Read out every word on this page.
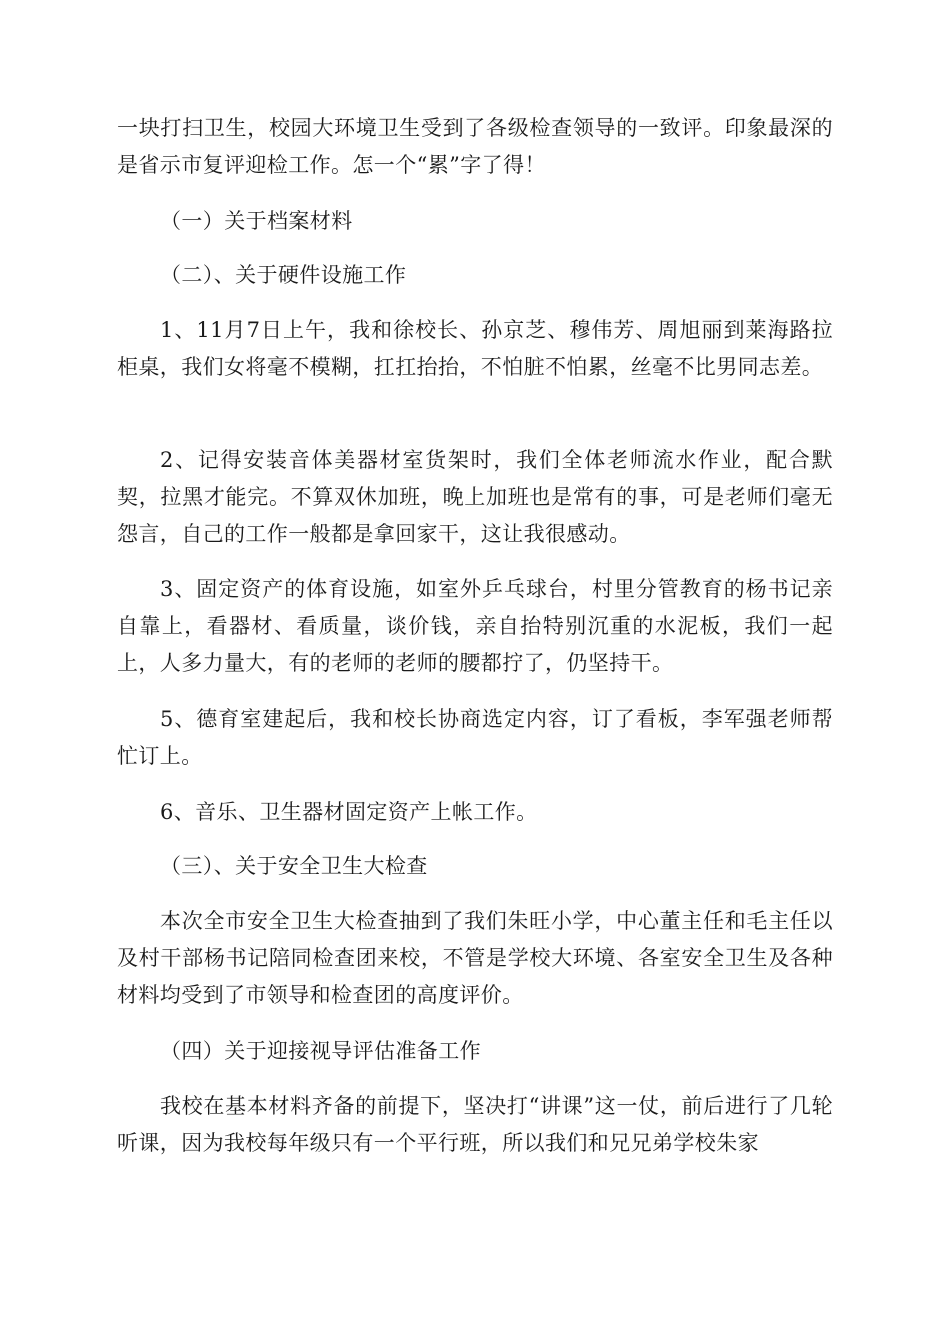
一块打扫卫生，校园大环境卫生受到了各级检查领导的一致评。印象最深的是省示市复评迎检工作。怎一个“累”字了得！

（一）关于档案材料

（二）、关于硬件设施工作

1、11月7日上午，我和徐校长、孙京芝、穆伟芳、周旭丽到莱海路拉柜桌，我们女将毫不模糊，扛扛抬抬，不怕脏不怕累，丝毫不比男同志差。

2、记得安装音体美器材室货架时，我们全体老师流水作业，配合默契，拉黑才能完。不算双休加班，晚上加班也是常有的事，可是老师们毫无怨言，自己的工作一般都是拿回家干，这让我很感动。

3、固定资产的体育设施，如室外乒乓球台，村里分管教育的杨书记亲自靠上，看器材、看质量，谈价钱，亲自抬特别沉重的水泥板，我们一起上，人多力量大，有的老师的老师的腰都拧了，仍坚持干。

5、德育室建起后，我和校长协商选定内容，订了看板，李军强老师帮忙订上。

6、音乐、卫生器材固定资产上帐工作。

（三）、关于安全卫生大检查

本次全市安全卫生大检查抽到了我们朱旺小学，中心董主任和毛主任以及村干部杨书记陪同检查团来校，不管是学校大环境、各室安全卫生及各种材料均受到了市领导和检查团的高度评价。

（四）关于迎接视导评估准备工作

我校在基本材料齐备的前提下，坚决打“讲课”这一仗，前后进行了几轮听课，因为我校每年级只有一个平行班，所以我们和兄兄弟学校朱家
